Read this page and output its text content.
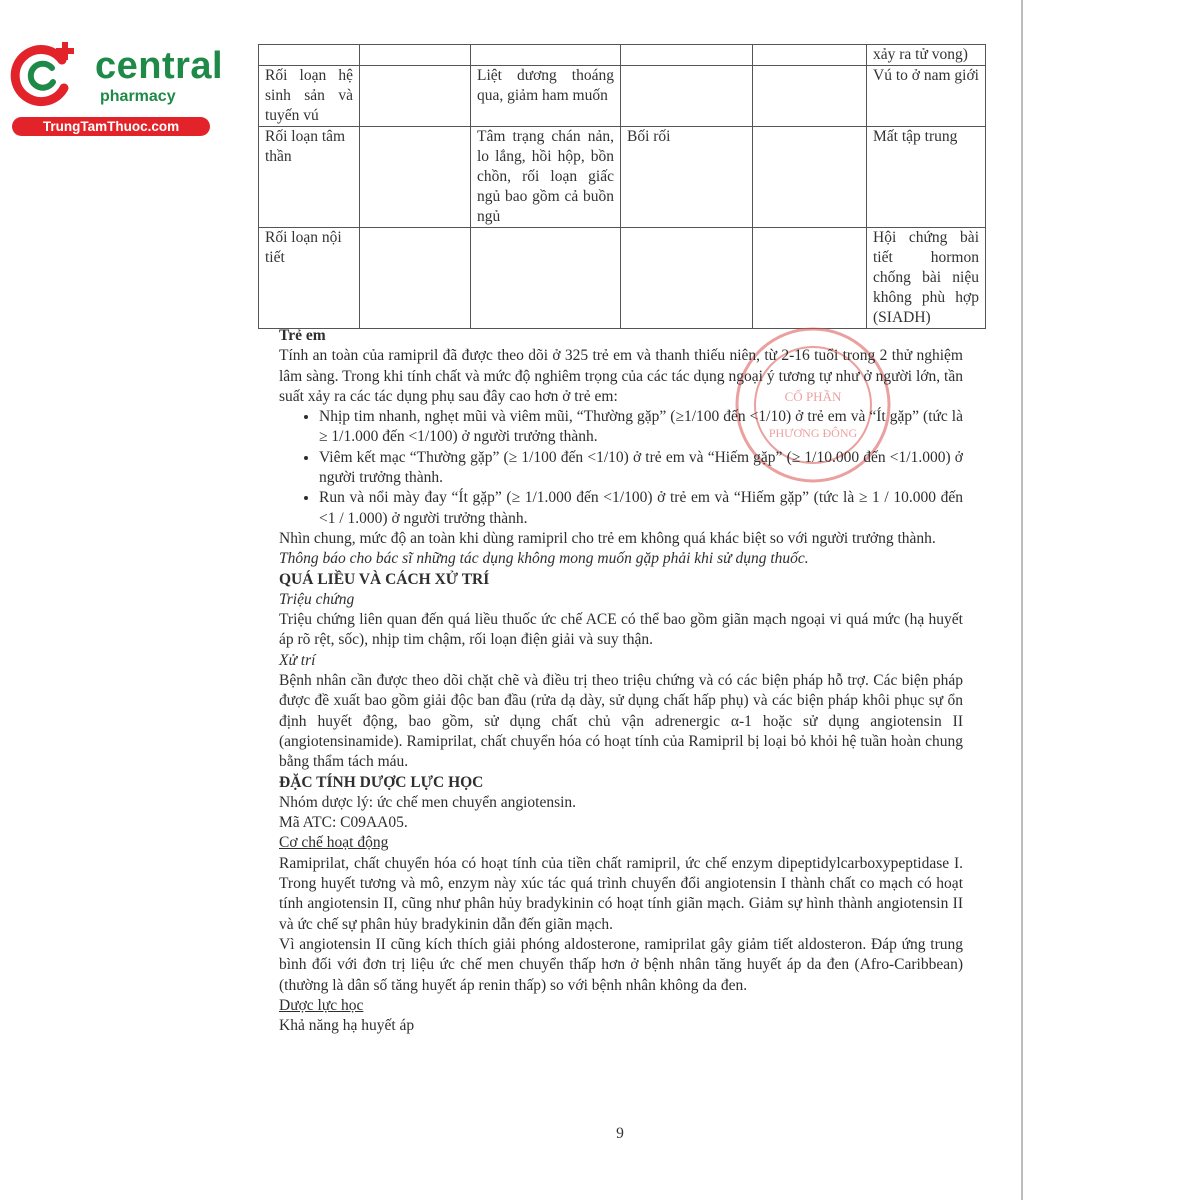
central
pharmacy
TrungTamThuoc.com
					xảy ra tử vong)
Rối loạn hệ sinh sản và tuyến vú		Liệt dương thoáng qua, giảm ham muốn			Vú to ở nam giới
Rối loạn tâm thần		Tâm trạng chán nản, lo lắng, hồi hộp, bồn chồn, rối loạn giấc ngủ bao gồm cả buồn ngủ	Bối rối		Mất tập trung
Rối loạn nội tiết					Hội chứng bài tiết hormon chống bài niệu không phù hợp (SIADH)
CỔ PHẦN
PHƯƠNG ĐÔNG

Trẻ em

Tính an toàn của ramipril đã được theo dõi ở 325 trẻ em và thanh thiếu niên, từ 2-16 tuổi trong 2 thử nghiệm lâm sàng. Trong khi tính chất và mức độ nghiêm trọng của các tác dụng ngoại ý tương tự như ở người lớn, tần suất xảy ra các tác dụng phụ sau đây cao hơn ở trẻ em:

• Nhịp tim nhanh, nghẹt mũi và viêm mũi, “Thường gặp” (≥1/100 đến <1/10) ở trẻ em và “Ít gặp” (tức là ≥ 1/1.000 đến <1/100) ở người trưởng thành.
• Viêm kết mạc “Thường gặp” (≥ 1/100 đến <1/10) ở trẻ em và “Hiếm gặp” (≥ 1/10.000 đến <1/1.000) ở người trưởng thành.
• Run và nổi mày đay “Ít gặp” (≥ 1/1.000 đến <1/100) ở trẻ em và “Hiếm gặp” (tức là ≥ 1 / 10.000 đến <1 / 1.000) ở người trưởng thành.

Nhìn chung, mức độ an toàn khi dùng ramipril cho trẻ em không quá khác biệt so với người trưởng thành.

Thông báo cho bác sĩ những tác dụng không mong muốn gặp phải khi sử dụng thuốc.

QUÁ LIỀU VÀ CÁCH XỬ TRÍ

Triệu chứng

Triệu chứng liên quan đến quá liều thuốc ức chế ACE có thể bao gồm giãn mạch ngoại vi quá mức (hạ huyết áp rõ rệt, sốc), nhịp tim chậm, rối loạn điện giải và suy thận.

Xử trí

Bệnh nhân cần được theo dõi chặt chẽ và điều trị theo triệu chứng và có các biện pháp hỗ trợ. Các biện pháp được đề xuất bao gồm giải độc ban đầu (rửa dạ dày, sử dụng chất hấp phụ) và các biện pháp khôi phục sự ổn định huyết động, bao gồm, sử dụng chất chủ vận adrenergic α-1 hoặc sử dụng angiotensin II (angiotensinamide). Ramiprilat, chất chuyển hóa có hoạt tính của Ramipril bị loại bỏ khỏi hệ tuần hoàn chung bằng thẩm tách máu.

ĐẶC TÍNH DƯỢC LỰC HỌC

Nhóm dược lý: ức chế men chuyển angiotensin.

Mã ATC: C09AA05.

Cơ chế hoạt động

Ramiprilat, chất chuyển hóa có hoạt tính của tiền chất ramipril, ức chế enzym dipeptidylcarboxypeptidase I. Trong huyết tương và mô, enzym này xúc tác quá trình chuyển đổi angiotensin I thành chất co mạch có hoạt tính angiotensin II, cũng như phân hủy bradykinin có hoạt tính giãn mạch. Giảm sự hình thành angiotensin II và ức chế sự phân hủy bradykinin dẫn đến giãn mạch.

Vì angiotensin II cũng kích thích giải phóng aldosterone, ramiprilat gây giảm tiết aldosteron. Đáp ứng trung bình đối với đơn trị liệu ức chế men chuyển thấp hơn ở bệnh nhân tăng huyết áp da đen (Afro-Caribbean) (thường là dân số tăng huyết áp renin thấp) so với bệnh nhân không da đen.

Dược lực học

Khả năng hạ huyết áp

9
